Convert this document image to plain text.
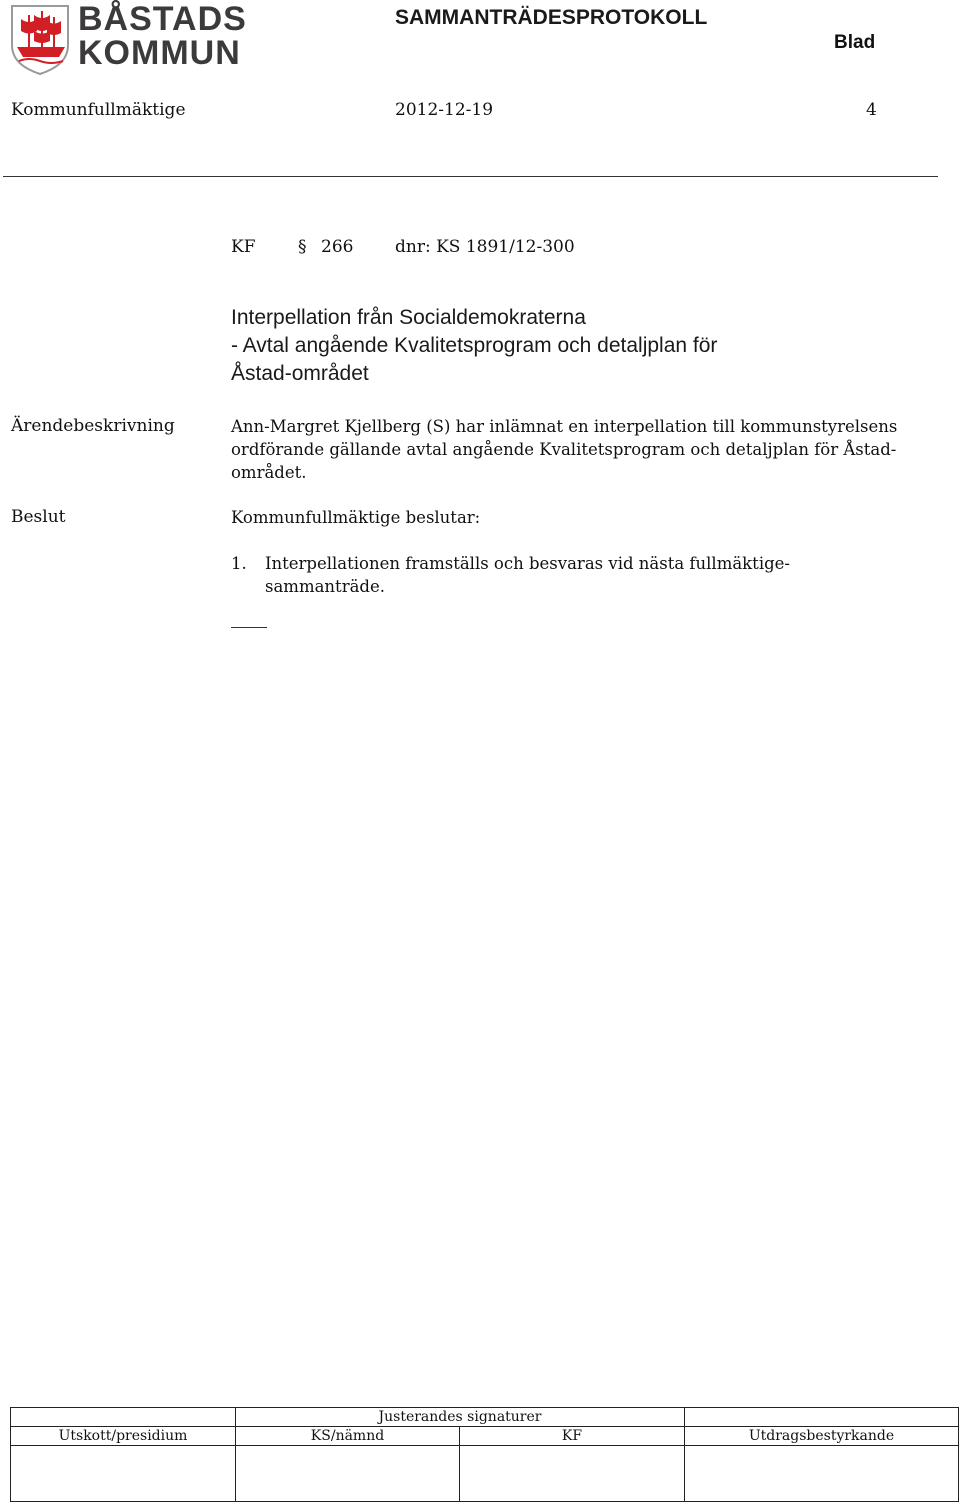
BÅSTADS
KOMMUN
SAMMANTRÄDESPROTOKOLL
Blad
Kommunfullmäktige	2012-12-19	4
KF	§ 266 dnr: KS 1891/12-300
Interpellation från Socialdemokraterna
- Avtal angående Kvalitetsprogram och detaljplan för
Åstad-området
Ärendebeskrivning	Ann-Margret Kjellberg (S) har inlämnat en interpellation till kommunstyrelsens
ordförande gällande avtal angående Kvalitetsprogram och detaljplan för Åstad-
området.
Beslut	Kommunfullmäktige beslutar:
1. Interpellationen framställs och besvaras vid nästa fullmäktige-
sammanträde.
	Justerandes signaturer		
Utskott/presidium	KS/nämnd	KF	Utdragsbestyrkande
